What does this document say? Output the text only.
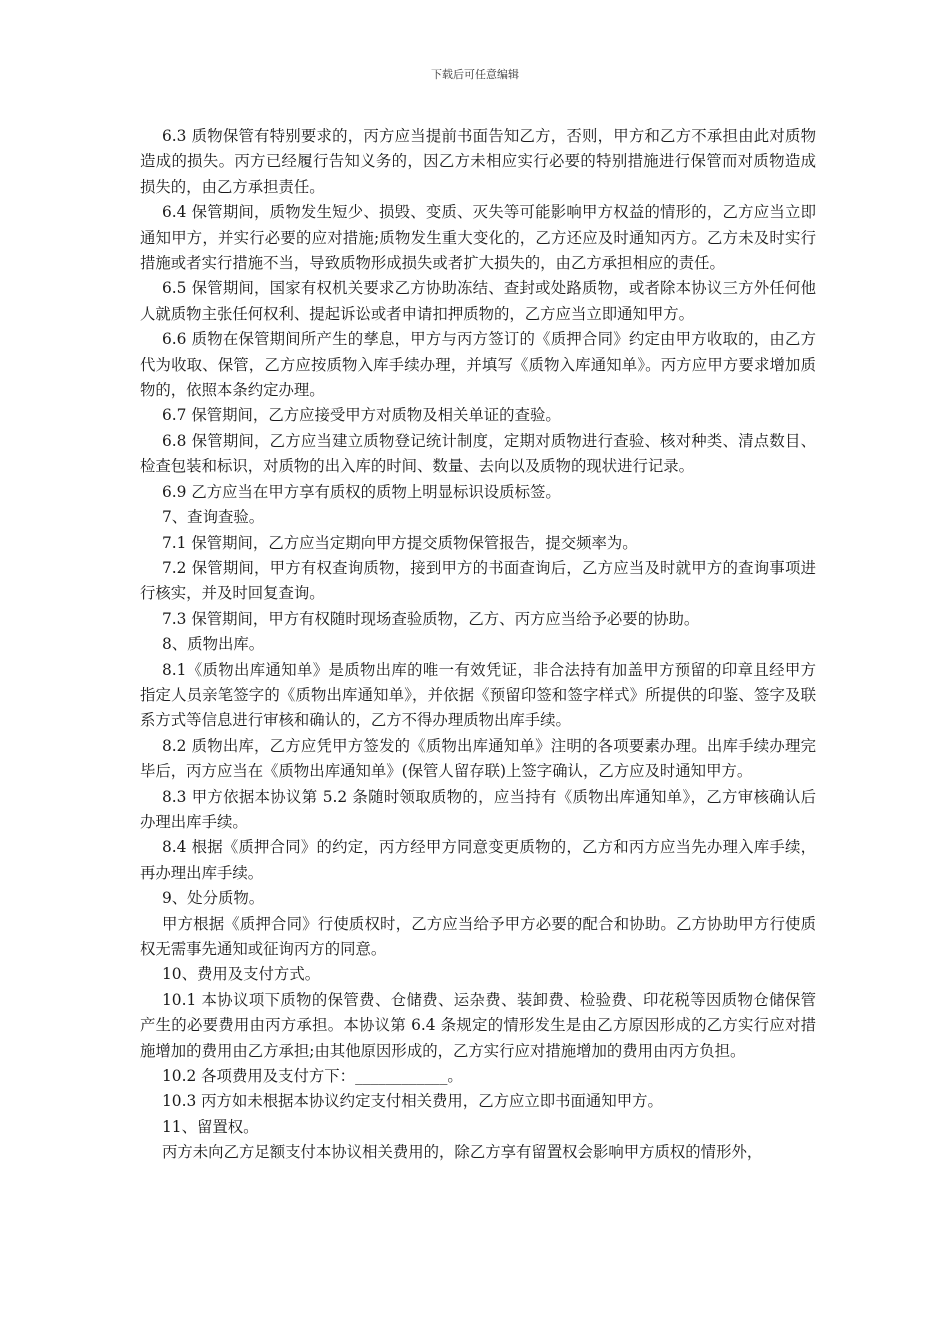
下载后可任意编辑

6.3 质物保管有特别要求的，丙方应当提前书面告知乙方，否则，甲方和乙方不承担由此对质物造成的损失。丙方已经履行告知义务的，因乙方未相应实行必要的特别措施进行保管而对质物造成损失的，由乙方承担责任。

6.4 保管期间，质物发生短少、损毁、变质、灭失等可能影响甲方权益的情形的，乙方应当立即通知甲方，并实行必要的应对措施;质物发生重大变化的，乙方还应及时通知丙方。乙方未及时实行措施或者实行措施不当，导致质物形成损失或者扩大损失的，由乙方承担相应的责任。

6.5 保管期间，国家有权机关要求乙方协助冻结、查封或处路质物，或者除本协议三方外任何他人就质物主张任何权利、提起诉讼或者申请扣押质物的，乙方应当立即通知甲方。

6.6 质物在保管期间所产生的孳息，甲方与丙方签订的《质押合同》约定由甲方收取的，由乙方代为收取、保管，乙方应按质物入库手续办理，并填写《质物入库通知单》。丙方应甲方要求增加质物的，依照本条约定办理。

6.7 保管期间，乙方应接受甲方对质物及相关单证的查验。

6.8 保管期间，乙方应当建立质物登记统计制度，定期对质物进行查验、核对种类、清点数目、检查包装和标识，对质物的出入库的时间、数量、去向以及质物的现状进行记录。

6.9 乙方应当在甲方享有质权的质物上明显标识设质标签。

7、查询查验。

7.1 保管期间，乙方应当定期向甲方提交质物保管报告，提交频率为。

7.2 保管期间，甲方有权查询质物，接到甲方的书面查询后，乙方应当及时就甲方的查询事项进行核实，并及时回复查询。

7.3 保管期间，甲方有权随时现场查验质物，乙方、丙方应当给予必要的协助。

8、质物出库。

8.1《质物出库通知单》是质物出库的唯一有效凭证，非合法持有加盖甲方预留的印章且经甲方指定人员亲笔签字的《质物出库通知单》，并依据《预留印签和签字样式》所提供的印鉴、签字及联系方式等信息进行审核和确认的，乙方不得办理质物出库手续。

8.2 质物出库，乙方应凭甲方签发的《质物出库通知单》注明的各项要素办理。出库手续办理完毕后，丙方应当在《质物出库通知单》(保管人留存联)上签字确认，乙方应及时通知甲方。

8.3 甲方依据本协议第 5.2 条随时领取质物的，应当持有《质物出库通知单》，乙方审核确认后办理出库手续。

8.4 根据《质押合同》的约定，丙方经甲方同意变更质物的，乙方和丙方应当先办理入库手续，再办理出库手续。

9、处分质物。

甲方根据《质押合同》行使质权时，乙方应当给予甲方必要的配合和协助。乙方协助甲方行使质权无需事先通知或征询丙方的同意。

10、费用及支付方式。

10.1 本协议项下质物的保管费、仓储费、运杂费、装卸费、检验费、印花税等因质物仓储保管产生的必要费用由丙方承担。本协议第 6.4 条规定的情形发生是由乙方原因形成的乙方实行应对措施增加的费用由乙方承担;由其他原因形成的，乙方实行应对措施增加的费用由丙方负担。

10.2 各项费用及支付方下：____________。

10.3 丙方如未根据本协议约定支付相关费用，乙方应立即书面通知甲方。

11、留置权。

丙方未向乙方足额支付本协议相关费用的，除乙方享有留置权会影响甲方质权的情形外，
